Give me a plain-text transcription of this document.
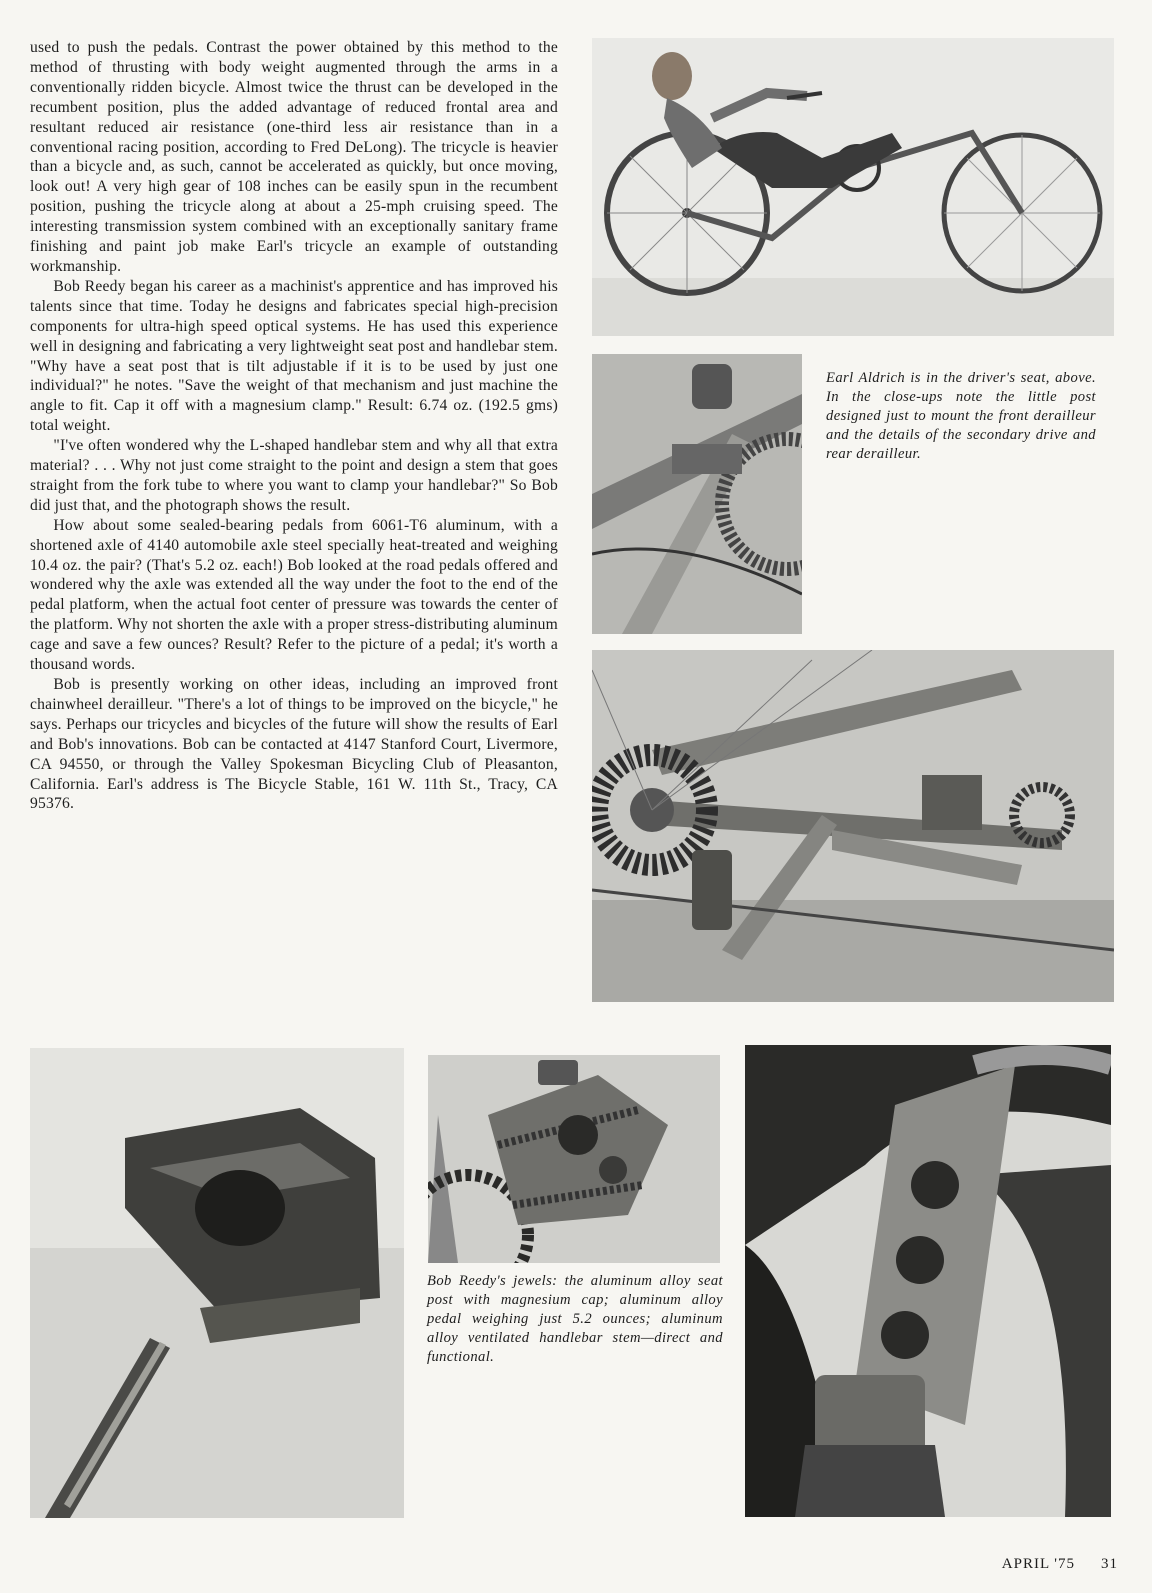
used to push the pedals. Contrast the power obtained by this method to the method of thrusting with body weight augmented through the arms in a conventionally ridden bicycle. Almost twice the thrust can be developed in the recumbent position, plus the added advantage of reduced frontal area and resultant reduced air resistance (one-third less air resistance than in a conventional racing position, according to Fred DeLong). The tricycle is heavier than a bicycle and, as such, cannot be accelerated as quickly, but once moving, look out! A very high gear of 108 inches can be easily spun in the recumbent position, pushing the tricycle along at about a 25-mph cruising speed. The interesting transmission system combined with an exceptionally sanitary frame finishing and paint job make Earl's tricycle an example of outstanding workmanship.

Bob Reedy began his career as a machinist's apprentice and has improved his talents since that time. Today he designs and fabricates special high-precision components for ultra-high speed optical systems. He has used this experience well in designing and fabricating a very lightweight seat post and handlebar stem. "Why have a seat post that is tilt adjustable if it is to be used by just one individual?" he notes. "Save the weight of that mechanism and just machine the angle to fit. Cap it off with a magnesium clamp." Result: 6.74 oz. (192.5 gms) total weight.

"I've often wondered why the L-shaped handlebar stem and why all that extra material? . . . Why not just come straight to the point and design a stem that goes straight from the fork tube to where you want to clamp your handlebar?" So Bob did just that, and the photograph shows the result.

How about some sealed-bearing pedals from 6061-T6 aluminum, with a shortened axle of 4140 automobile axle steel specially heat-treated and weighing 10.4 oz. the pair? (That's 5.2 oz. each!) Bob looked at the road pedals offered and wondered why the axle was extended all the way under the foot to the end of the pedal platform, when the actual foot center of pressure was towards the center of the platform. Why not shorten the axle with a proper stress-distributing aluminum cage and save a few ounces? Result? Refer to the picture of a pedal; it's worth a thousand words.

Bob is presently working on other ideas, including an improved front chainwheel derailleur. "There's a lot of things to be improved on the bicycle," he says. Perhaps our tricycles and bicycles of the future will show the results of Earl and Bob's innovations. Bob can be contacted at 4147 Stanford Court, Livermore, CA 94550, or through the Valley Spokesman Bicycling Club of Pleasanton, California. Earl's address is The Bicycle Stable, 161 W. 11th St., Tracy, CA 95376.

Earl Aldrich is in the driver's seat, above. In the close-ups note the little post designed just to mount the front derailleur and the details of the secondary drive and rear derailleur.
Bob Reedy's jewels: the aluminum alloy seat post with magnesium cap; aluminum alloy pedal weighing just 5.2 ounces; aluminum alloy ventilated handlebar stem—direct and functional.
APRIL '75 31
